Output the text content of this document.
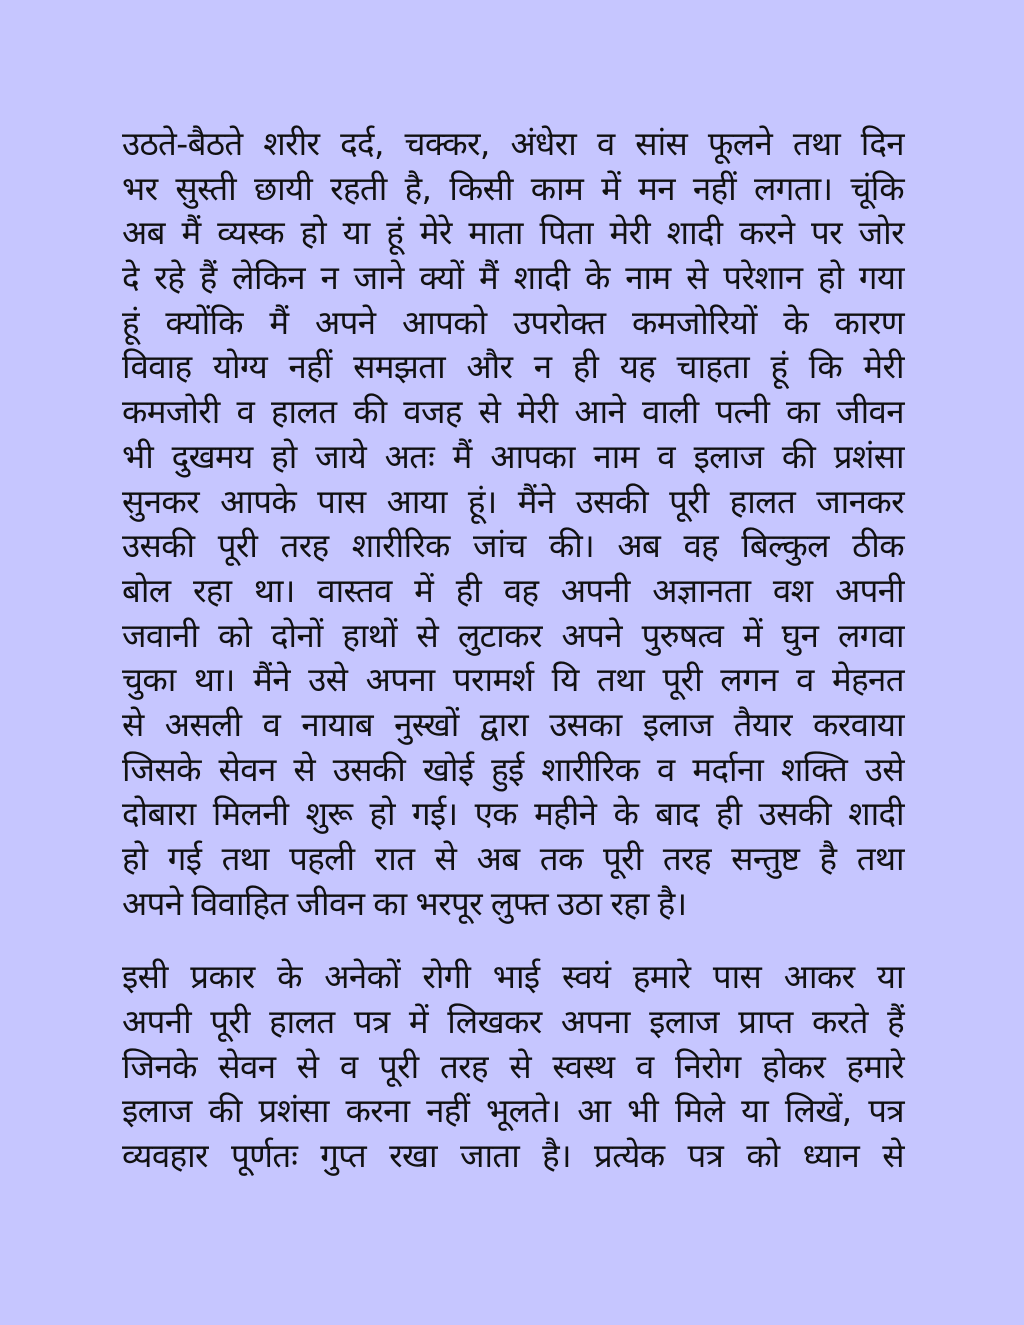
उठते-बैठते शरीर दर्द, चक्कर, अंधेरा व सांस फूलने तथा दिन
भर सुस्ती छायी रहती है, किसी काम में मन नहीं लगता। चूंकि
अब मैं व्यस्क हो या हूं मेरे माता पिता मेरी शादी करने पर जोर
दे रहे हैं लेकिन न जाने क्यों मैं शादी के नाम से परेशान हो गया
हूं क्योंकि मैं अपने आपको उपरोक्त कमजोरियों के कारण
विवाह योग्य नहीं समझता और न ही यह चाहता हूं कि मेरी
कमजोरी व हालत की वजह से मेरी आने वाली पत्नी का जीवन
भी दुखमय हो जाये अतः मैं आपका नाम व इलाज की प्रशंसा
सुनकर आपके पास आया हूं। मैंने उसकी पूरी हालत जानकर
उसकी पूरी तरह शारीरिक जांच की। अब वह बिल्कुल ठीक
बोल रहा था। वास्तव में ही वह अपनी अज्ञानता वश अपनी
जवानी को दोनों हाथों से लुटाकर अपने पुरुषत्व में घुन लगवा
चुका था। मैंने उसे अपना परामर्श यि तथा पूरी लगन व मेहनत
से असली व नायाब नुस्खों द्वारा उसका इलाज तैयार करवाया
जिसके सेवन से उसकी खोई हुई शारीरिक व मर्दाना शक्ति उसे
दोबारा मिलनी शुरू हो गई। एक महीने के बाद ही उसकी शादी
हो गई तथा पहली रात से अब तक पूरी तरह सन्तुष्ट है तथा
अपने विवाहित जीवन का भरपूर लुफ्त उठा रहा है।
इसी प्रकार के अनेकों रोगी भाई स्वयं हमारे पास आकर या
अपनी पूरी हालत पत्र में लिखकर अपना इलाज प्राप्त करते हैं
जिनके सेवन से व पूरी तरह से स्वस्थ व निरोग होकर हमारे
इलाज की प्रशंसा करना नहीं भूलते। आ भी मिले या लिखें, पत्र
व्यवहार पूर्णतः गुप्त रखा जाता है। प्रत्येक पत्र को ध्यान से
